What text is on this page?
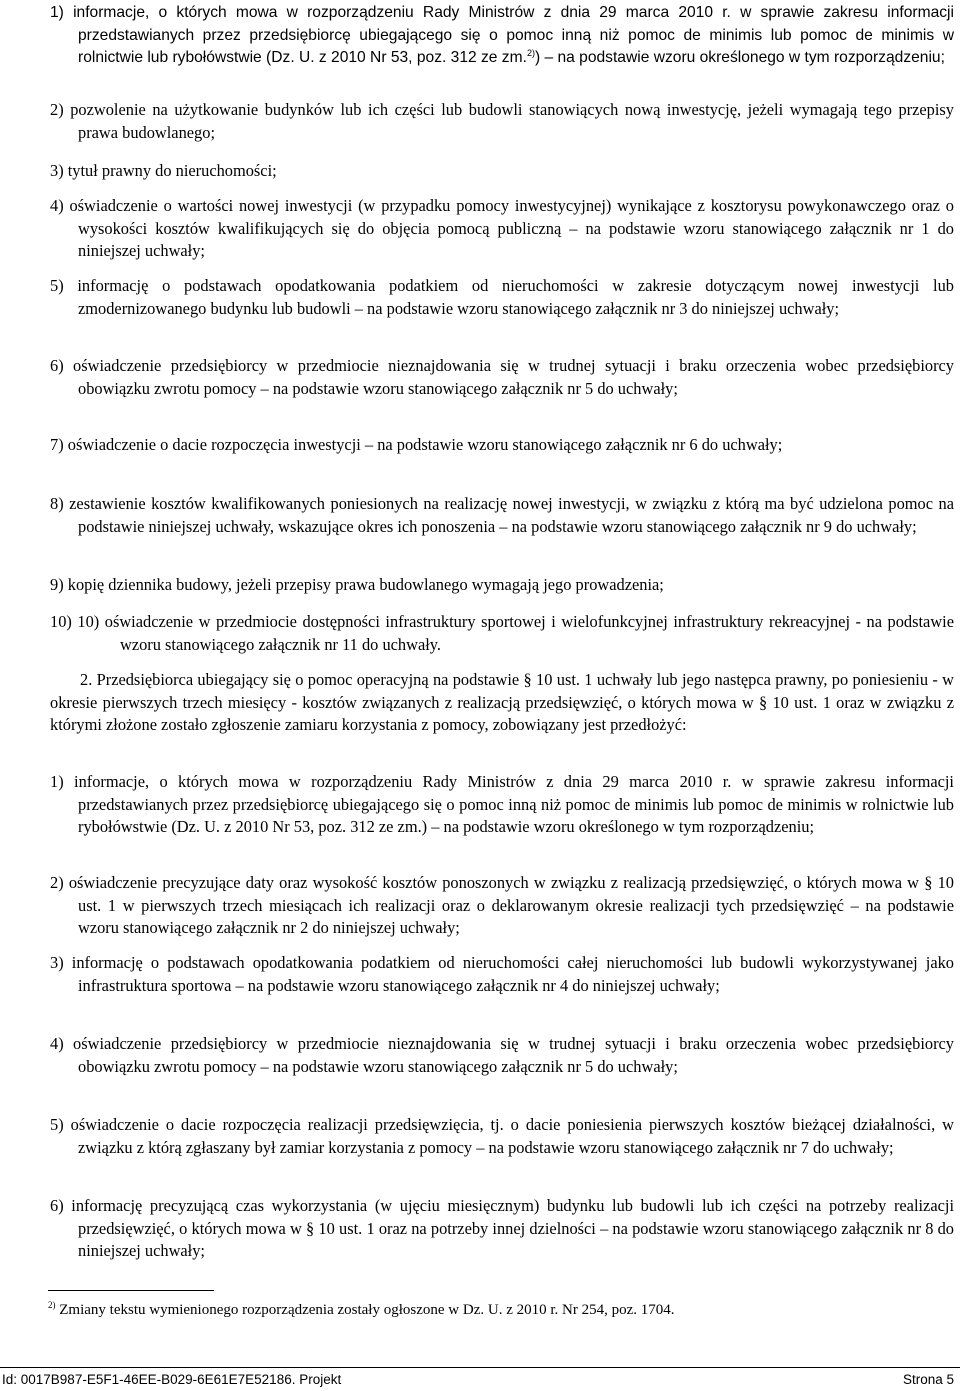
1) informacje, o których mowa w rozporządzeniu Rady Ministrów z dnia 29 marca 2010 r. w sprawie zakresu informacji przedstawianych przez przedsiębiorcę ubiegającego się o pomoc inną niż pomoc de minimis lub pomoc de minimis w rolnictwie lub rybołówstwie (Dz. U. z 2010 Nr 53, poz. 312 ze zm.$^{2)}$) – na podstawie wzoru określonego w tym rozporządzeniu;
2) pozwolenie na użytkowanie budynków lub ich części lub budowli stanowiących nową inwestycję, jeżeli wymagają tego przepisy prawa budowlanego;
3) tytuł prawny do nieruchomości;
4) oświadczenie o wartości nowej inwestycji (w przypadku pomocy inwestycyjnej) wynikające z kosztorysu powykonawczego oraz o wysokości kosztów kwalifikujących się do objęcia pomocą publiczną – na podstawie wzoru stanowiącego załącznik nr 1 do niniejszej uchwały;
5) informację o podstawach opodatkowania podatkiem od nieruchomości w zakresie dotyczącym nowej inwestycji lub zmodernizowanego budynku lub budowli – na podstawie wzoru stanowiącego załącznik nr 3 do niniejszej uchwały;
6) oświadczenie przedsiębiorcy w przedmiocie nieznajdowania się w trudnej sytuacji i braku orzeczenia wobec przedsiębiorcy obowiązku zwrotu pomocy – na podstawie wzoru stanowiącego załącznik nr 5 do uchwały;
7) oświadczenie o dacie rozpoczęcia inwestycji – na podstawie wzoru stanowiącego załącznik nr 6 do uchwały;
8) zestawienie kosztów kwalifikowanych poniesionych na realizację nowej inwestycji, w związku z którą ma być udzielona pomoc na podstawie niniejszej uchwały, wskazujące okres ich ponoszenia – na podstawie wzoru stanowiącego załącznik nr 9 do uchwały;
9) kopię dziennika budowy, jeżeli przepisy prawa budowlanego wymagają jego prowadzenia;
10) 10) oświadczenie w przedmiocie dostępności infrastruktury sportowej i wielofunkcyjnej infrastruktury rekreacyjnej - na podstawie wzoru stanowiącego załącznik nr 11 do uchwały.
2. Przedsiębiorca ubiegający się o pomoc operacyjną na podstawie § 10 ust. 1 uchwały lub jego następca prawny, po poniesieniu - w okresie pierwszych trzech miesięcy - kosztów związanych z realizacją przedsięwzięć, o których mowa w § 10 ust. 1 oraz w związku z którymi złożone zostało zgłoszenie zamiaru korzystania z pomocy, zobowiązany jest przedłożyć:
1) informacje, o których mowa w rozporządzeniu Rady Ministrów z dnia 29 marca 2010 r. w sprawie zakresu informacji przedstawianych przez przedsiębiorcę ubiegającego się o pomoc inną niż pomoc de minimis lub pomoc de minimis w rolnictwie lub rybołówstwie (Dz. U. z 2010 Nr 53, poz. 312 ze zm.) – na podstawie wzoru określonego w tym rozporządzeniu;
2) oświadczenie precyzujące daty oraz wysokość kosztów ponoszonych w związku z realizacją przedsięwzięć, o których mowa w § 10 ust. 1 w pierwszych trzech miesiącach ich realizacji oraz o deklarowanym okresie realizacji tych przedsięwzięć – na podstawie wzoru stanowiącego załącznik nr 2 do niniejszej uchwały;
3) informację o podstawach opodatkowania podatkiem od nieruchomości całej nieruchomości lub budowli wykorzystywanej jako infrastruktura sportowa – na podstawie wzoru stanowiącego załącznik nr 4 do niniejszej uchwały;
4) oświadczenie przedsiębiorcy w przedmiocie nieznajdowania się w trudnej sytuacji i braku orzeczenia wobec przedsiębiorcy obowiązku zwrotu pomocy – na podstawie wzoru stanowiącego załącznik nr 5 do uchwały;
5) oświadczenie o dacie rozpoczęcia realizacji przedsięwzięcia, tj. o dacie poniesienia pierwszych kosztów bieżącej działalności, w związku z którą zgłaszany był zamiar korzystania z pomocy – na podstawie wzoru stanowiącego załącznik nr 7 do uchwały;
6) informację precyzującą czas wykorzystania (w ujęciu miesięcznym) budynku lub budowli lub ich części na potrzeby realizacji przedsięwzięć, o których mowa w § 10 ust. 1 oraz na potrzeby innej dzielności – na podstawie wzoru stanowiącego załącznik nr 8 do niniejszej uchwały;
$^{2)}$ Zmiany tekstu wymienionego rozporządzenia zostały ogłoszone w Dz. U. z 2010 r. Nr 254, poz. 1704.
Id: 0017B987-E5F1-46EE-B029-6E61E7E52186. Projekt	Strona 5
